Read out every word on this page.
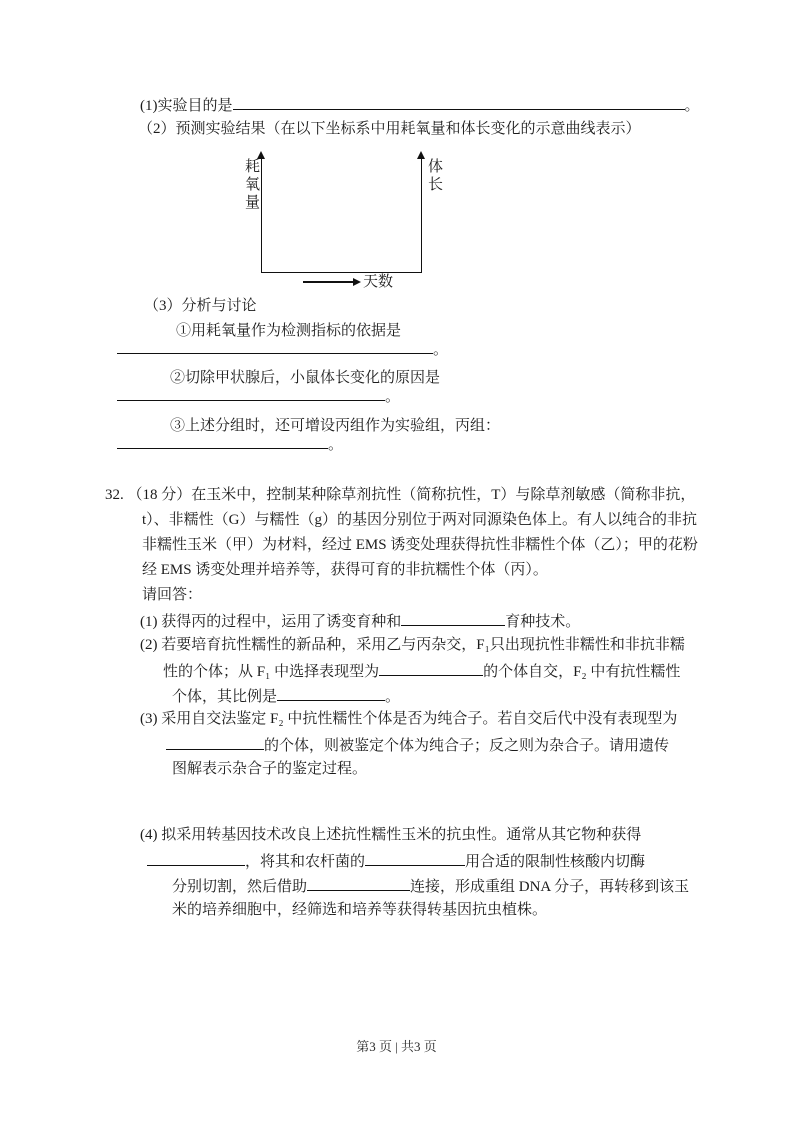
(1)实验目的是	。
（2）预测实验结果（在以下坐标系中用耗氧量和体长变化的示意曲线表示）
耗氧量	体长
天数
（3）分析与讨论
①用耗氧量作为检测指标的依据是
。
②切除甲状腺后，小鼠体长变化的原因是
。
③上述分组时，还可增设丙组作为实验组，丙组：
。
32. （18 分）在玉米中，控制某种除草剂抗性（简称抗性，T）与除草剂敏感（简称非抗，
t）、非糯性（G）与糯性（g）的基因分别位于两对同源染色体上。有人以纯合的非抗
非糯性玉米（甲）为材料，经过 EMS 诱变处理获得抗性非糯性个体（乙）；甲的花粉
经 EMS 诱变处理并培养等，获得可育的非抗糯性个体（丙）。
请回答：
(1) 获得丙的过程中，运用了诱变育种和	育种技术。
(2) 若要培育抗性糯性的新品种，采用乙与丙杂交，F₁只出现抗性非糯性和非抗非糯
性的个体；从 F₁ 中选择表现型为	的个体自交，F₂ 中有抗性糯性
个体，其比例是	。
(3) 采用自交法鉴定 F₂ 中抗性糯性个体是否为纯合子。若自交后代中没有表现型为
的个体，则被鉴定个体为纯合子；反之则为杂合子。请用遗传
图解表示杂合子的鉴定过程。
(4) 拟采用转基因技术改良上述抗性糯性玉米的抗虫性。通常从其它物种获得
，将其和农杆菌的	用合适的限制性核酸内切酶
分别切割，然后借助	连接，形成重组 DNA 分子，再转移到该玉
米的培养细胞中，经筛选和培养等获得转基因抗虫植株。
第3 页 | 共3 页
